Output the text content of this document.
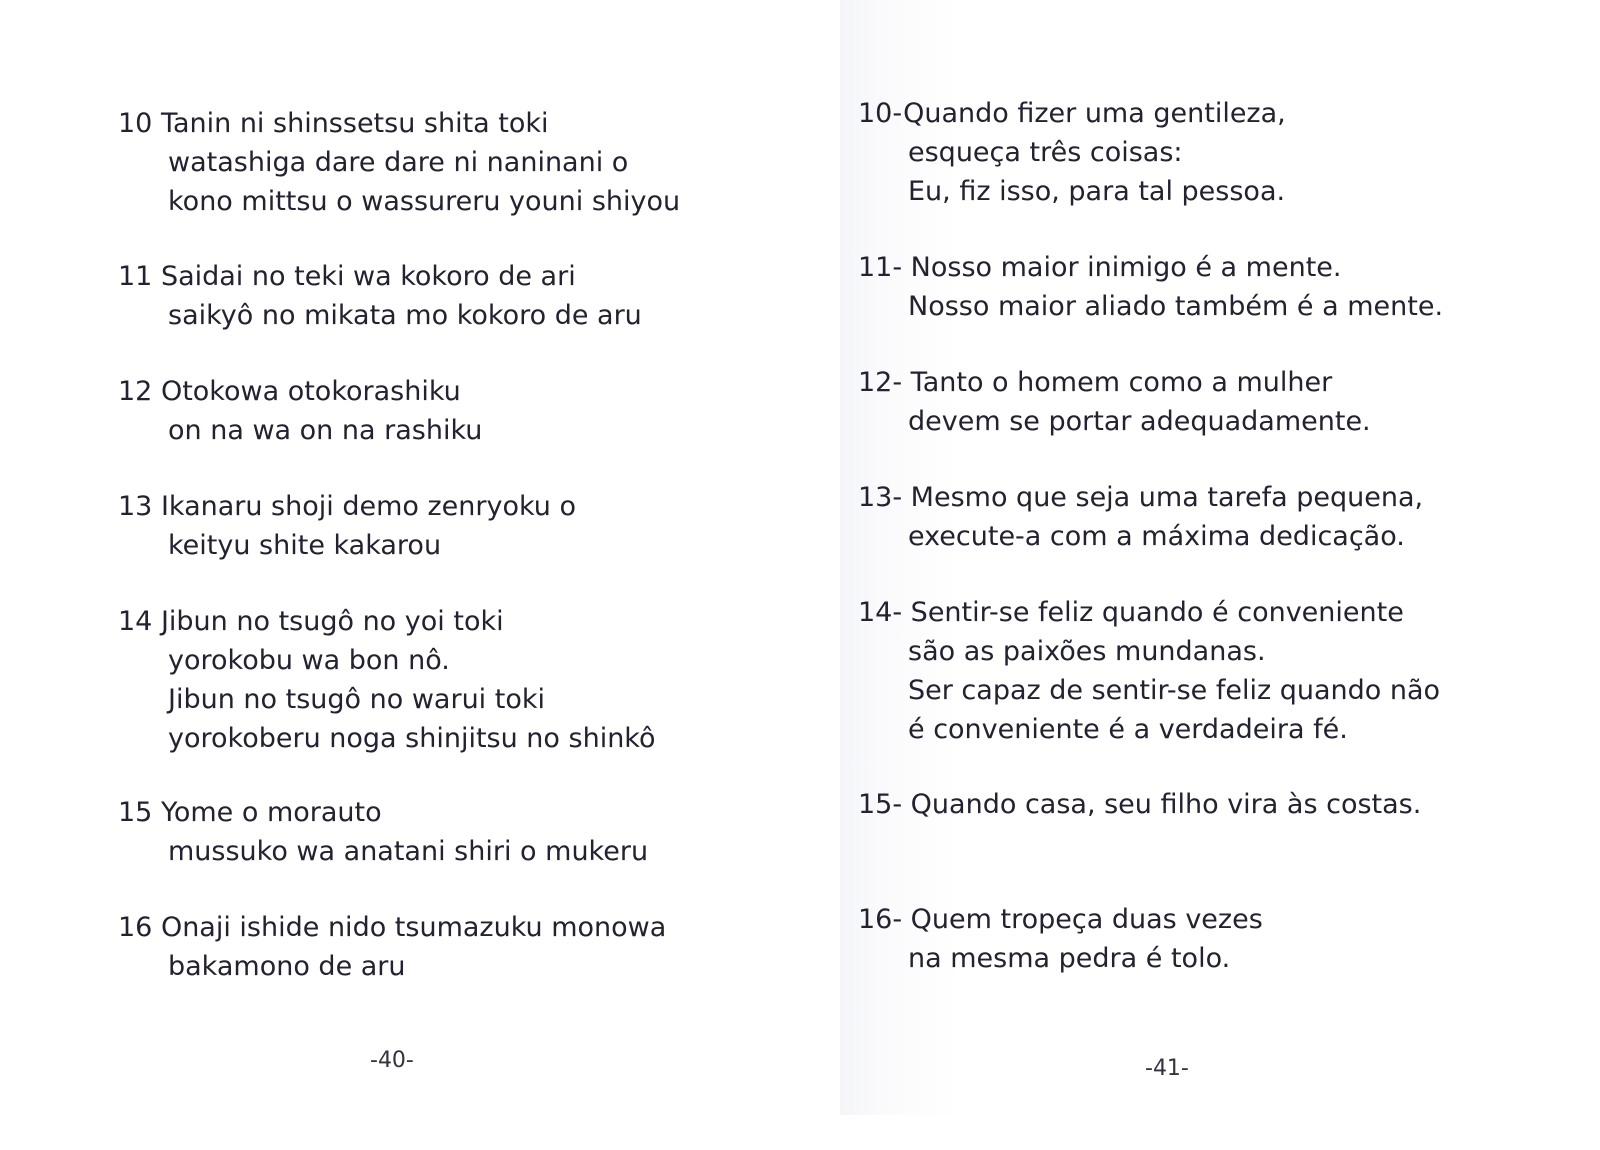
10 Tanin ni shinssetsu shita toki
watashiga dare dare ni naninani o
kono mittsu o wassureru youni shiyou
11 Saidai no teki wa kokoro de ari
saikyô no mikata mo kokoro de aru
12 Otokowa otokorashiku
on na wa on na rashiku
13 Ikanaru shoji demo zenryoku o
keityu shite kakarou
14 Jibun no tsugô no yoi toki
yorokobu wa bon nô.
Jibun no tsugô no warui toki
yorokoberu noga shinjitsu no shinkô
15 Yome o morauto
mussuko wa anatani shiri o mukeru
16 Onaji ishide nido tsumazuku monowa
bakamono de aru
-40-
10-Quando fizer uma gentileza,
esqueça três coisas:
Eu, fiz isso, para tal pessoa.
11- Nosso maior inimigo é a mente.
Nosso maior aliado também é a mente.
12- Tanto o homem como a mulher
devem se portar adequadamente.
13- Mesmo que seja uma tarefa pequena,
execute-a com a máxima dedicação.
14- Sentir-se feliz quando é conveniente
são as paixões mundanas.
Ser capaz de sentir-se feliz quando não
é conveniente é a verdadeira fé.
15- Quando casa, seu filho vira às costas.
16- Quem tropeça duas vezes
na mesma pedra é tolo.
-41-
